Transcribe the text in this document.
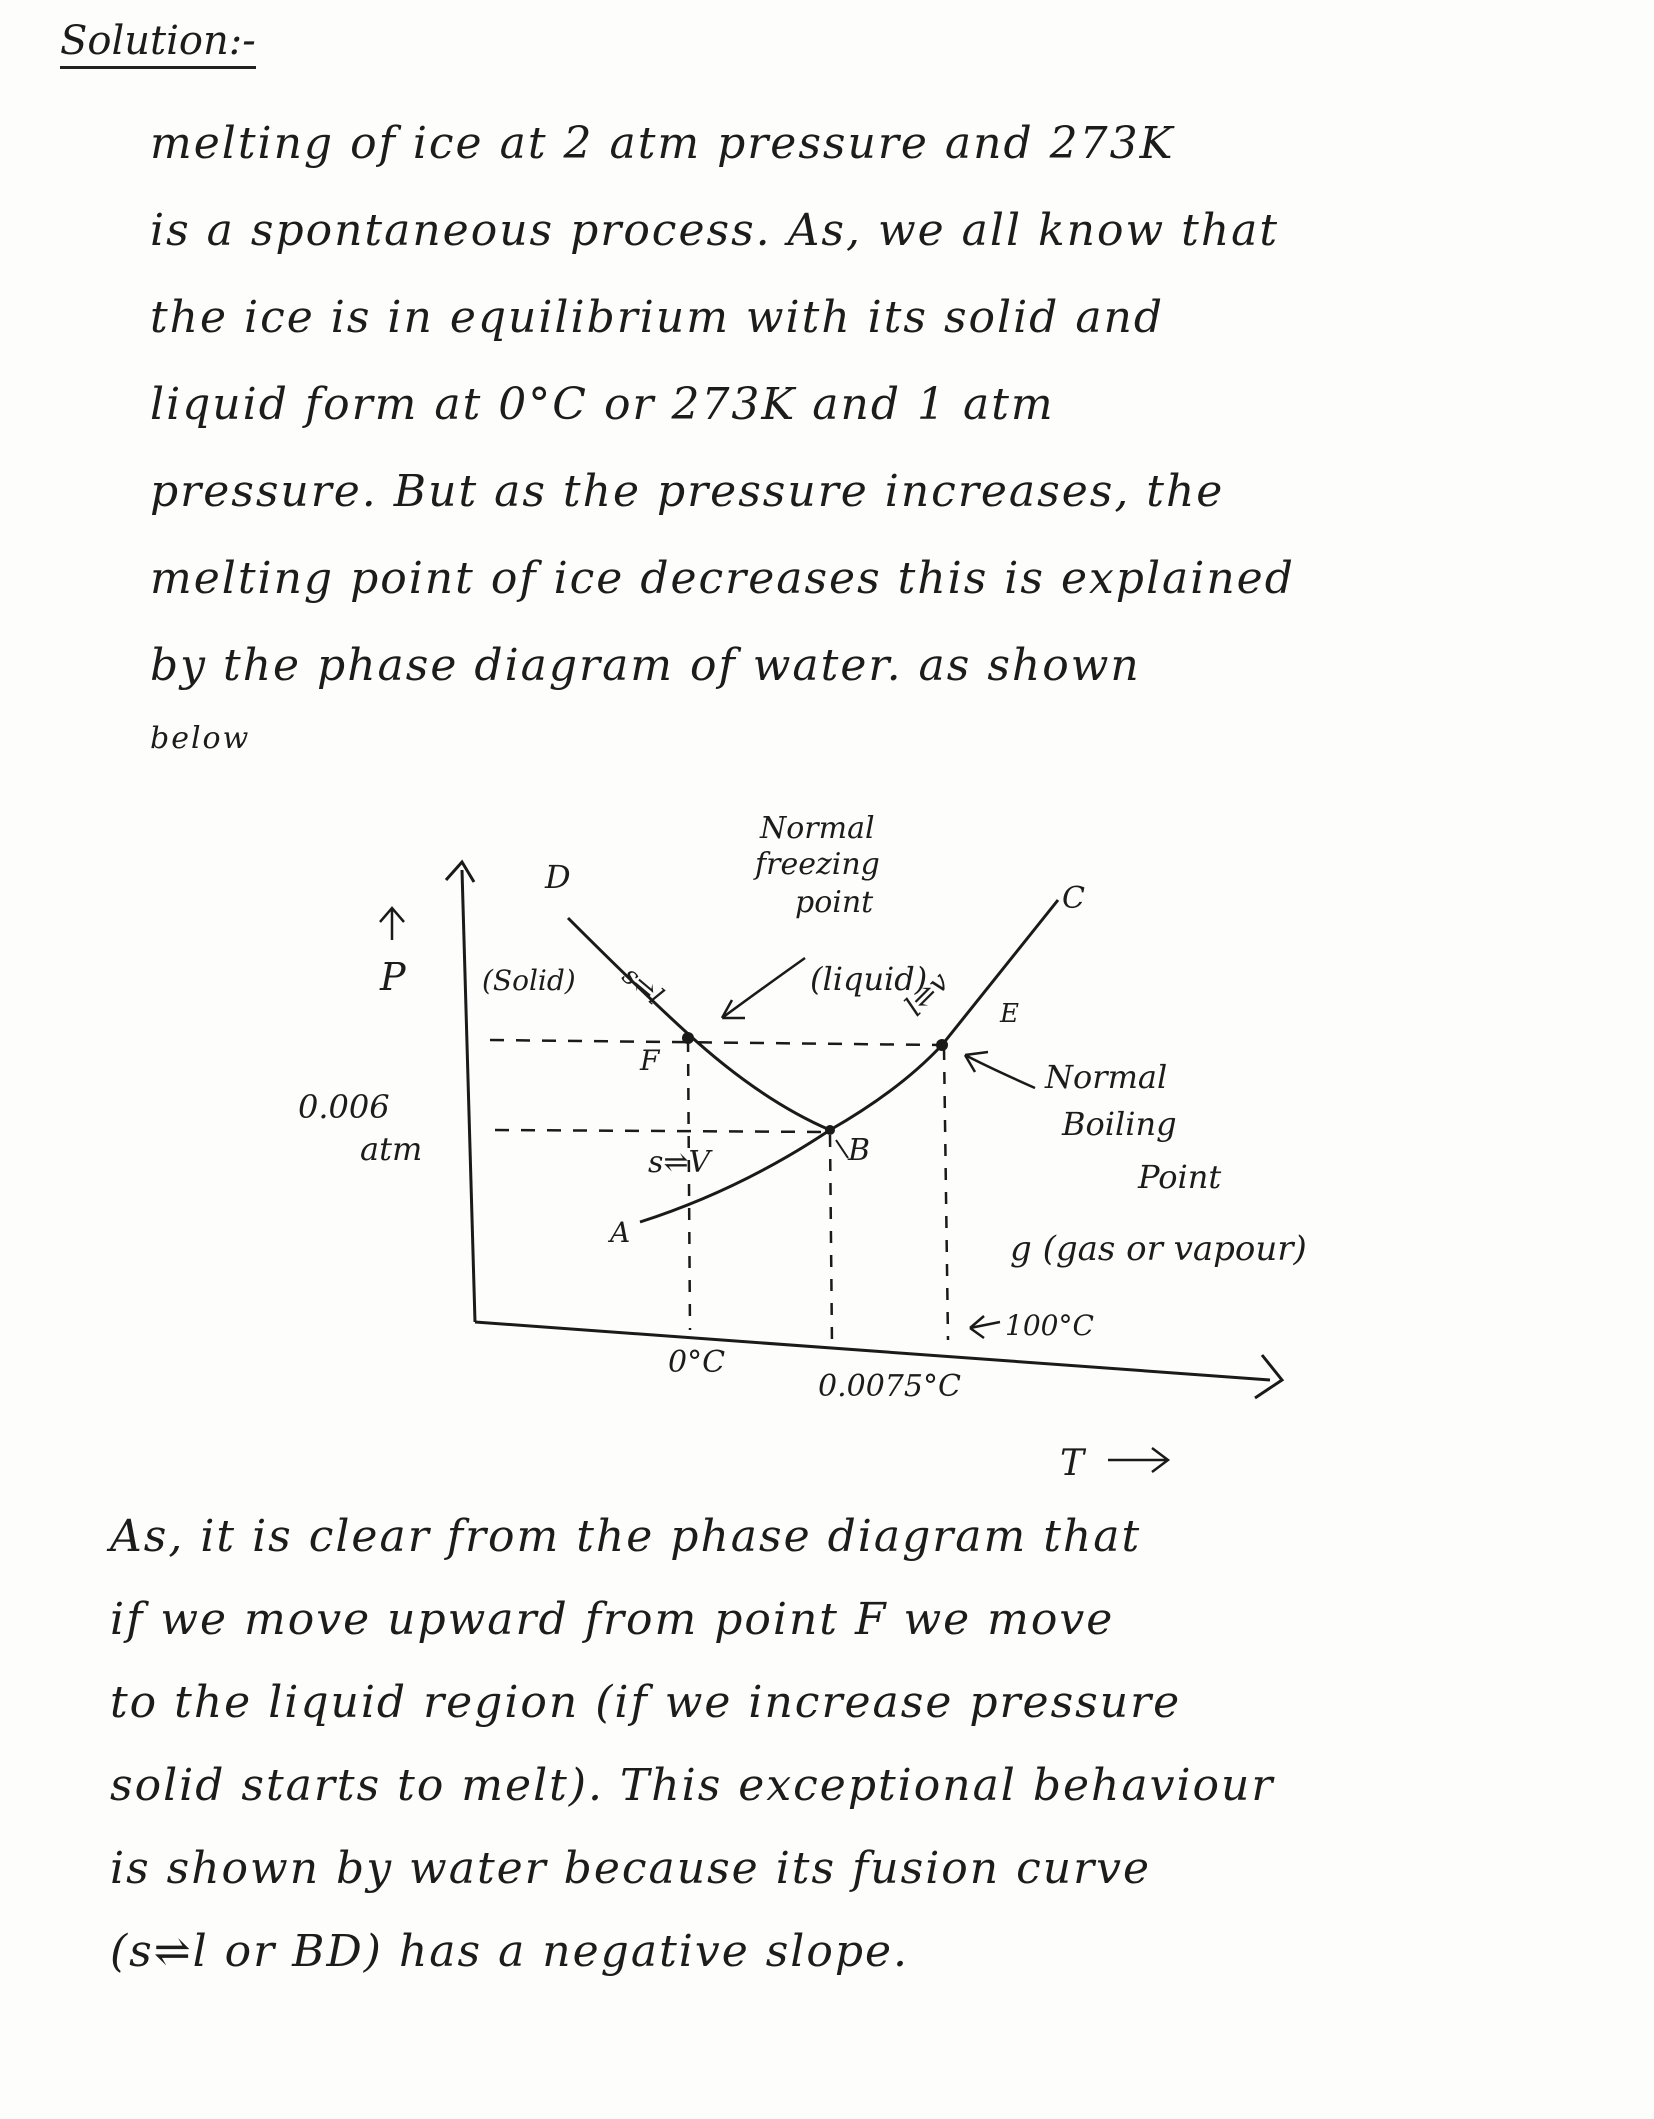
Solution:-
melting of ice at 2 atm pressure and 273K
is a spontaneous process. As, we all know that
the ice is in equilibrium with its solid and
liquid form at 0°C or 273K and 1 atm
pressure. But as the pressure increases, the
melting point of ice decreases this is explained
by the phase diagram of water. as shown
below
P
T
Normal
freezing
point
(Solid)	(liquid)
D
C
F
B
A
E
s⇌l	l⇌v
s⇌V
Normal
Boiling
Point
g (gas or vapour)
0.006
atm
0°C
0.0075°C
100°C
As, it is clear from the phase diagram that
if we move upward from point F we move
to the liquid region (if we increase pressure
solid starts to melt). This exceptional behaviour
is shown by water because its fusion curve
(s⇌l or BD) has a negative slope.
